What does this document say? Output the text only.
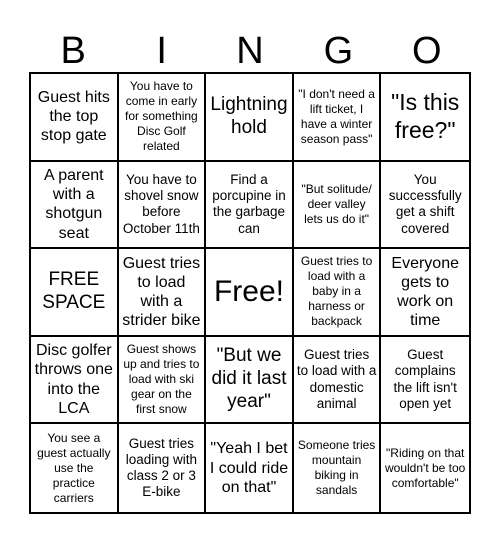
B	I	N	G	O
Guest hits the top stop gate
You have to come in early for something Disc Golf related
Lightning hold
"I don't need a lift ticket, I have a winter season pass"
"Is this free?"
A parent with a shotgun seat
You have to shovel snow before October 11th
Find a porcupine in the garbage can
"But solitude/ deer valley lets us do it"
You successfully get a shift covered
FREE SPACE
Guest tries to load with a strider bike
Free!
Guest tries to load with a baby in a harness or backpack
Everyone gets to work on time
Disc golfer throws one into the LCA
Guest shows up and tries to load with ski gear on the first snow
"But we did it last year"
Guest tries to load with a domestic animal
Guest complains the lift isn't open yet
You see a guest actually use the practice carriers
Guest tries loading with class 2 or 3 E-bike
"Yeah I bet I could ride on that"
Someone tries mountain biking in sandals
"Riding on that wouldn't be too comfortable"
